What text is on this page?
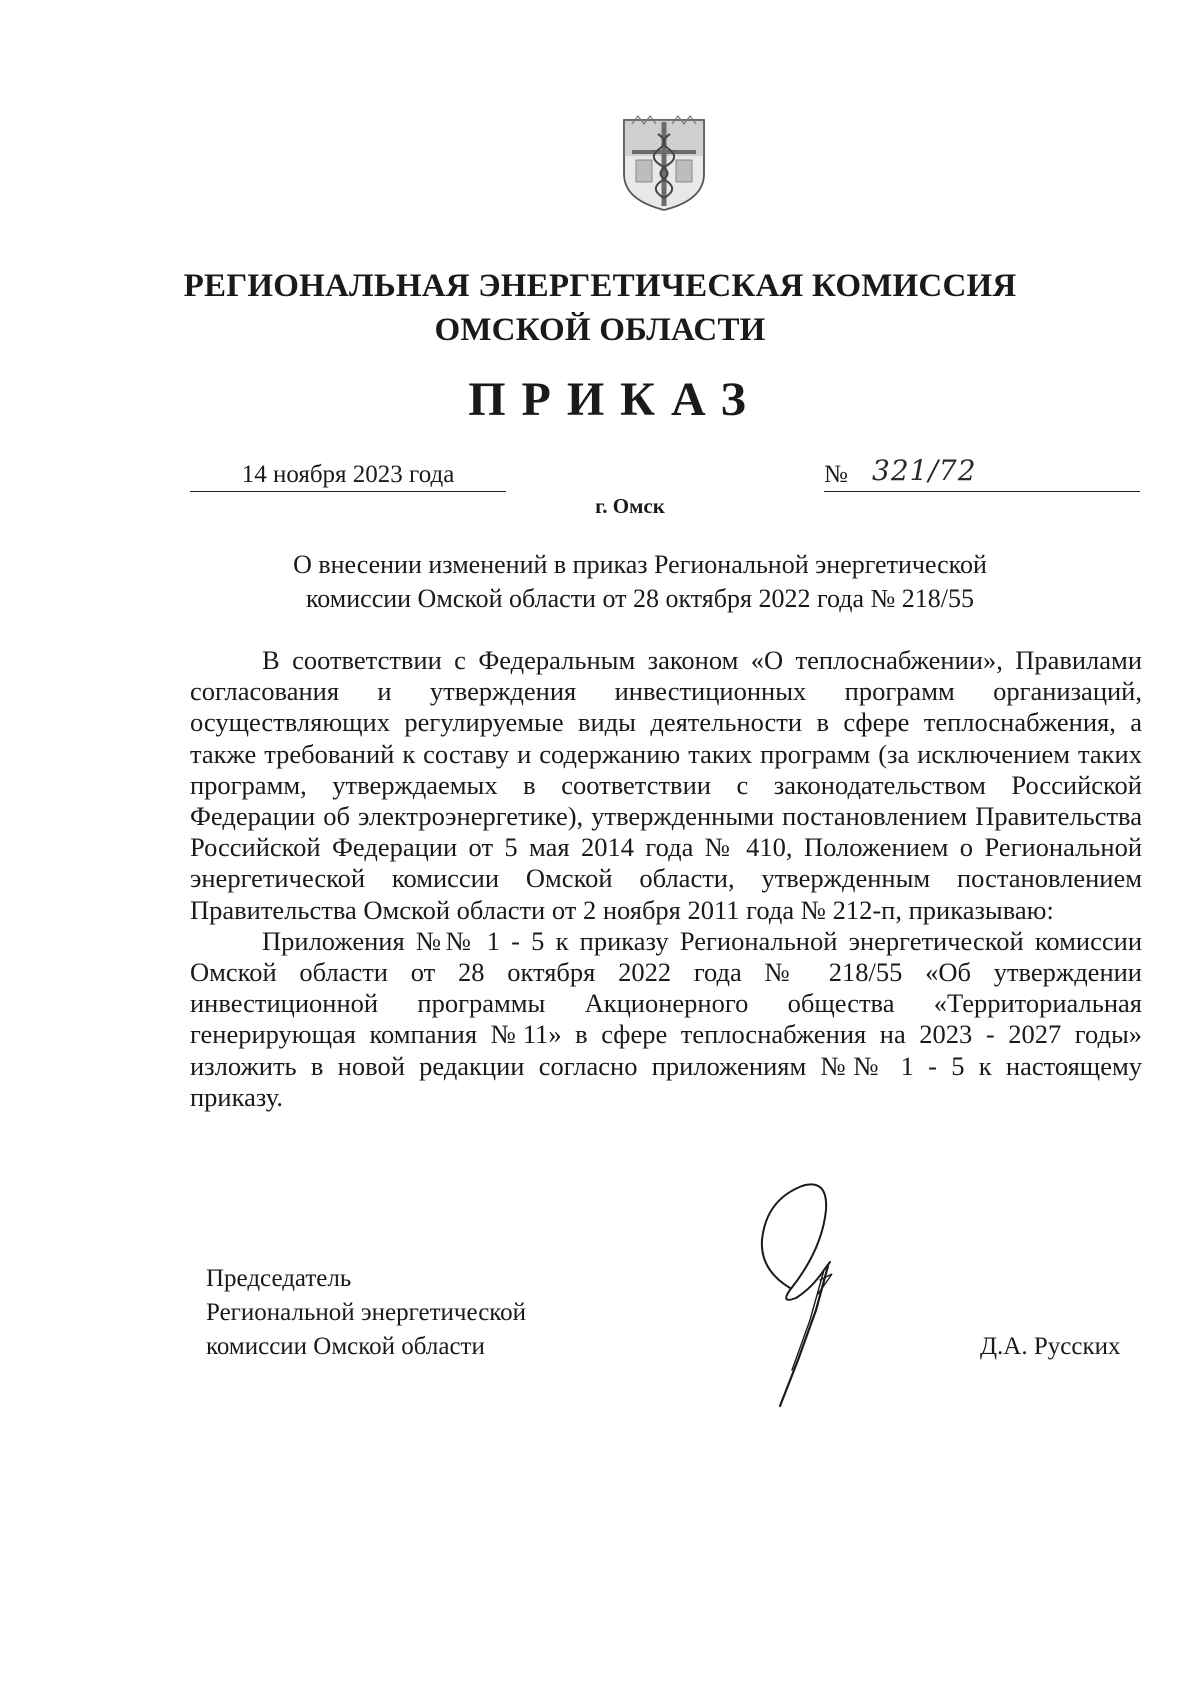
РЕГИОНАЛЬНАЯ ЭНЕРГЕТИЧЕСКАЯ КОМИССИЯ
ОМСКОЙ ОБЛАСТИ
ПРИКАЗ
14 ноября 2023 года	№ 321/72
г. Омск
О внесении изменений в приказ Региональной энергетической
комиссии Омской области от 28 октября 2022 года № 218/55

В соответствии с Федеральным законом «О теплоснабжении», Правилами согласования и утверждения инвестиционных программ организаций, осуществляющих регулируемые виды деятельности в сфере теплоснабжения, а также требований к составу и содержанию таких программ (за исключением таких программ, утверждаемых в соответствии с законодательством Российской Федерации об электроэнергетике), утвержденными постановлением Правительства Российской Федерации от 5 мая 2014 года № 410, Положением о Региональной энергетической комиссии Омской области, утвержденным постановлением Правительства Омской области от 2 ноября 2011 года № 212-п, приказываю:

Приложения №№ 1 - 5 к приказу Региональной энергетической комиссии Омской области от 28 октября 2022 года № 218/55 «Об утверждении инвестиционной программы Акционерного общества «Территориальная генерирующая компания №11» в сфере теплоснабжения на 2023 - 2027 годы» изложить в новой редакции согласно приложениям №№ 1 - 5 к настоящему приказу.

Председатель
Региональной энергетической
комиссии Омской области	Д.А. Русских
